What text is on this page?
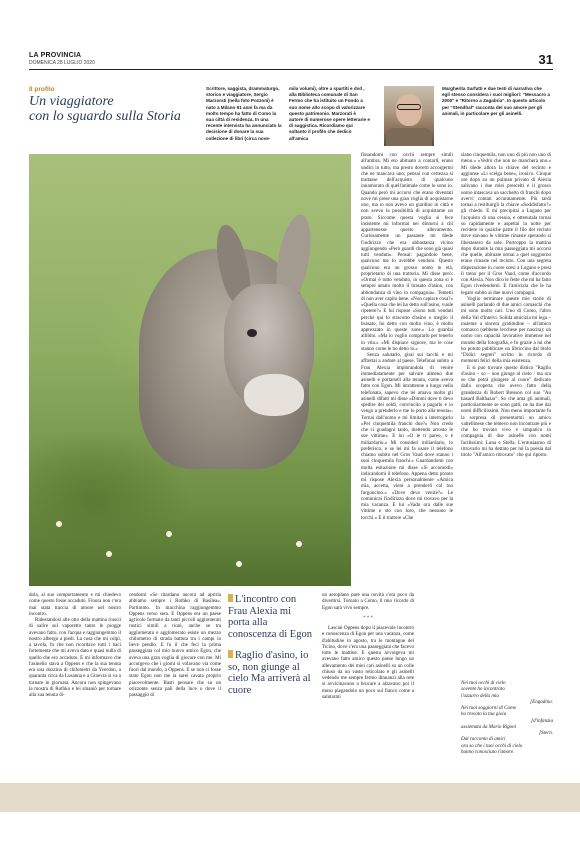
LA PROVINCIA
DOMENICA 28 LUGLIO 2020	31
Il profilo
Un viaggiatore
con lo sguardo sulla Storia
Scrittore, saggista, drammaturgo, storico e viaggiatore, Sergio Marzorati (nella foto Pozzoni) è nato a Milano 91 anni fa ma da molto tempo ha fatto di Como la sua città di residenza. In una recente intervista ha annunciato la decisione di donare la sua collezione di libri (circa nove-
mila volumi), oltre a spartiti e dvd , alla Biblioteca comunale di San Fermo che ha istituito un Fondo a suo nome allo scopo di valorizzare questo patrimonio. Marzorati è autore di numerose opere letterarie e di saggistica. Ricordiamo qui soltanto il profilo che dedicò all'amica
Margherita Sarfatti e due testi di narrativa che egli stesso considera i suoi migliori: "Messacro a 2000" e "Ritorno a Zagabria". In questo articolo per "Stendhal" racconta del suo amore per gli animali, in particolare per gli asinelli.

fissandomi con occhi sempre simili all'ambra. Mi ero abituato a contarli, erano undici in tutto, ma presto dovetti accorgermi che ne mancava uno; pensai con certezza si trattasse dell'acquisto di qualcuno innamorato di quell'animale come lo sono io. Quando però mi accorsi che erano diventati nove mi prese una gran voglia di acquistarne uno, ma io non avevo un giardino in città e non avevo la possibilità di acquistarne un prato. Siccome questa voglia si fece insistente mi informai nei dintorni a chi appartenesse questo allevamento. Curiosamente un passante mi diede l'indirizzo che era abbastanza vicino aggiungendo «Però guardi che sono già quasi tutti venduti». Pensai: pagandolo bene, qualcuno me lo avrebbe venduto. Questo qualcuno era un grosso uomo in età, proprietario di una trattoria. Mi disse però: «Ormai è tutto venduto, in questa zona si è sempre amato molto il brasato d'asino, con abbondanza di vino in compagnia». Temetti di non aver capito bene. «Non capisce cosa?» «Quella cosa che lei ha detto sull'asino, vuole ripetere?» E lui rispose «Sono tutti venduti perché qui lo stracotto d'asino o meglio il brasato, ho detto con molto vino, è molto apprezzato in queste zone.» Lo guardai allibito. «Ma io voglio comprarlo per tenerlo in vita.» «Mi dispiace signore, ma le cose stanno come le ho detto io.»

Senza salutarlo, girai sui tacchi e mi affrettai a andare al paese. Telefonai subito a Frau Alexia implorandola di venire immediatamente per salvare almeno due asinelli e portarseli alla tenuta, come aveva fatto con Egon. Mi intrattenne a lungo nella telefonata, sapevo che lei amava molto gli asinelli difatti mi disse «Dimmi dove ti devo spedire dei soldi, convincilo a pagarlo e io vengo a prenderlo e me lo porto alla tenuta». Tornai dall'uomo e mi limitai a interrogarlo «Per cinquemila franchi due?» Non credo che ci guadagni tanto, mettendo arrosto le sue vittime». E lui «O le ti pareo, o è miliardario.» Mi considerì miliardario, lo preferisco, e se lei mi fa usare il telefono chiamo subito nel Gros Vaud dove stanno i suoi cinquemila franchi.» Guardandomi con molta esitazione mi disse «Si accomodi» indicandomi il telefono. Appena detto pronto mi rispose Alexia personalmente «Amica mia, accetta, vieni a prenderli col tuo furgoncino.» «Dove devo venire?» Le comunicai l'indirizzo dove mi trovavo per la mia vacanza. E lui «Vado ora dalle sue vittime e sto con loro, che nessuno le tocchi.» E il trattore «Che

siano cinquemila, non uno di più non uno di meno.» «Vedrò che non ne mancherà uno.» Mi diede allora la chiave del recinto e aggiunse «Li scelga bene», ironico. Cinque ore dopo su un pulman privato di Alexia salivano i due miei prescelti e il grosso uomo intascava un sacchetto di franchi dopo avervi contati accuratamente. Più tardi tornai a restituirgli la chiave «Soddisfatto?» gli chiedo. E mi precipitai a Lugano per l'acquisto di una cesoia, e ottenutala tornai su rapidamente e aspettai la notte per recidere in qualche parte il filo del recinto dove stavano le vittime rimaste sperando si liberassero da sole. Purtroppo la mattina dopo durante la mia passeggiata mi accorsi che quelle, abituate ormai a quel soggiorno erano rimaste nel recinto. Con una segreta disperazione in cuore scesi a Lugano e presi il treno per il Gros Vaud, come d'accordo con Alexia. Non dico le feste che mi ha fatto Egon rivedendomi. E l'amicizia che le ha legato subito ai due nuovi compagni.

Voglio terminare queste mie storie di asinelli parlando di due amici comaschi che mi sono molto cari. Uno di Como, l'altro della Val d'Intelvi. Solida amicizia mi lega – insieme a sincera gratitudine – all'amico comasco (sebbene lecchese per nascita): un uomo con capacità lavorative immense nel mondo della fotografia, e fu grazie a lui che ho potuto pubblicare un libriccino dal titolo "Didici segreti" scritto in ricordo di momenti felici della mia esistenza.

E si può trovare questo distico "Raglio d'asino – so – non giunge al cielo / ma ora so che potrà giungere al cuore" dedicato dalla scoperta che avevo fatto della grandezza di Robert Bresson col suo "Au hasard Balthazar". So che ama gli animali, particolarmente se sono gatti, ne ha due dai nomi difficilissimi. Non meno importante fu la sorpresa di presentarmi un amico valtellinese che temevo non incontrare più e che ho trovato vivo e simpatico in compagnia di due asinelle con nomi facilissimi: Luna e Stella. L'entusiasmo di ritrovarlo mi ha dettato per lui la poesia dal titolo "All'amico ritrovato" che qui riporto.

dola, al suo comportamento e mi chiedevo come questo fosse accaduto. Finora non c'era mai stata traccia di amore nel nostro incontro.

Ridestandosi alle otto della mattina riuscii di salire sul vaporetto tanto le piogge avevano fatto, con l'acqua e raggiungemmo il nostro albergo a piedi. La cosa che mi colpì, a tavola, fu che non ricordavo tutti i baci fortemente che mi aveva dato e quasi nulla di quello che ero accaduto. E mi informavo che l'asinello stava a Oppens e che la sua tenuta era una dozzina di chilometri da Yverdon, a quaranta circa da Losanna e a Ginevra si va a tornare in giornata. Ancora non spingevano la mostra di Rothko e lei smaniò per tornare alla sua tenuta di-

cendomi «Se ritardano ancora ad aprirla abbiamo sempre i Rothko di Basilea». Partimmo. In macchina raggiungemmo Oppens verso sera. E Oppens era un paese agricolo formato da tanti piccoli agglomerati rustici simili a rioni, anche se tra agglomerato e agglomerato esiste un mezzo chilometro di strada battuta tra i campi in lieve pendio. E fu il che feci la prima passeggiata col mio nuovo amico Egon, che aveva una gran voglia di giocare con me. Mi accorgevo che i giorni sì volavano via come fuori dal mondo, a Oppens. E se non ci fosse stato Egon non me la sarei cavata proprio piacevolmente. Basti pensare che su un orizzonte senza pali della luce o dove il passaggio di
L'incontro con Frau Alexia mi porta alla conoscenza di Egon
Raglio d'asino, io so, non giunge al cielo Ma arriverà al cuore

un aeroplano pare una novità c'era poco da divertirsi. Tornato a Como, il mio ricordo di Egon sarà vivo sempre.

* * *

Lasciai Oppens dopo il piacevole incontro e conoscenza di Egon per una vacanza, come d'abitudine in agosto, tra le montagne del Ticino, dove c'era una passeggiata che facevo tutte le mattine. E questa avvolgeva mi avevano fatto amico questo paese lungo un allevamento dei miei cari asinelli su un colle chiuso da un vasto reticolato e gli asinelli vedendo me sempre fermo dinnanzi alla rete si avvicinavano a brucare a alzavano poi il muso piegandolo un poco sul fianco come a salutarmi

Nei tuoi occhi di cielo
sovente ho incontrato
l'azzurro della mia
[Engadina.
Nei tuoi soggiorni di Como
ho trovato la tua gioia
[d'infanzia
assiemata da Mario Rigoni
[Stern.
Dal racconto di amici
ora so che i tuoi occhi di cielo
hanno conosciuto l'amore.
